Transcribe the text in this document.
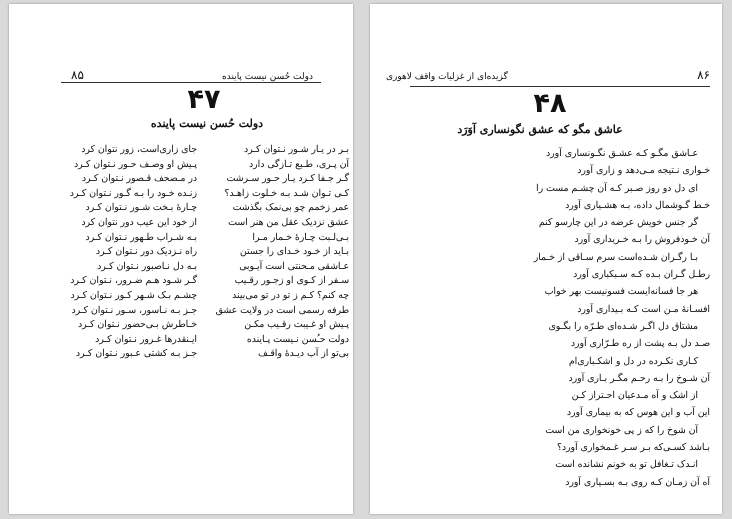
دولت حُسن نیست پاینده
۸۵
۴۷
دولت حُسن نیست پاینده
بـر در یـار شـور نـتوان کـرد
آن پـری، طـبع تـازگی دارد
گـر جـفا کـرد یـار حـور سـرشت
کـی تـوان شـد بـه خـلوت زاهـد؟
عمر زخمم چو بی‌نمک بگذشت
عشق نزدیک عقل من هنر است
بـی‌لـبت چـارۀ خـمار مـرا
بـاید از خـود خـدای را جستن
عـاشقی مـحنتی است آیـوبی
سـفر از کـوی او زجـور رقـیب
چه کنم؟ کـم ز تو در تو می‌بیند
طرفه رسمی است در ولایت عشق
پـیش او غـیبت رقـیب مکـن
دولت حـُسن نـیست پـاینده
بی‌تو از آب دیـدۀ واقـف
جای زاری‌است، زور نتوان کرد
پـیش او وصـف حـور نـتوان کـرد
در مـصحف قـصور نـتوان کـرد
زنـده خـود را بـه گـور نـتوان کـرد
چـارۀ بـخت شـور نـتوان کـرد
از خود این عیب دور نتوان کرد
بـه شـراب طـهور نـتوان کـرد
راه نـزدیک دور نـتوان کـرد
بـه دل نـاصبور نـتوان کـرد
گـر شـود هـم ضـرور، نـتوان کـرد
چشـم بـک شـهر کـور نـتوان کـرد
جـز بـه نـاسور، سـور نـتوان کـرد
خـاطرش بـی‌حضور نـتوان کـرد
ایـنقدرها غـرور نـتوان کـرد
جـز بـه کشتی عـبور نـتوان کـرد
۸۶
گزیده‌ای از غزلیات واقف لاهوری
۴۸
عاشق مگو که عشق نگونساری آوَرَد
عـاشق مگـو کـه عشـق نگـونساری آورد
خـواری نـتیجه مـی‌دهد و زاری آورد
ای دل دو روز صـبر کـه آن چشـم مست را
خـط گـوشمال داده، بـه هشـیاری آورد
گر جنس خویش عرضه در این چارسو کنم
آن خـودفروش را بـه خـریداری آورد
بـا رگـران شـده‌است سرم سـاقی از خـمار
رطـل گـران بـده کـه سـبکباری آورد
هر جا فسانه‌ایست فسونیست بهر خواب
افسـانۀ مـن است کـه بـیداری آورد
مشتاق دل اگـر شـده‌ای طـرّه را بگـوی
صـد دل بـه پشت از ره طـرّاری آورد
کـاری نکـرده در دل و اشکـباری‌ام
آن شـوخ را بـه رحـم مگـر بـاری آورد
از اشک و آه مـدعیان احـتراز کـن
این آب و این هوس که به بیماری آورد
آن شوخ را که ز پی خونخواری من است
بـاشد کسـی‌که بـر سـر غـمخواری آورد؟
انـدک تـغافل تو به خونم نشانده است
آه آن زمـان کـه روی بـه بسـیاری آورد
